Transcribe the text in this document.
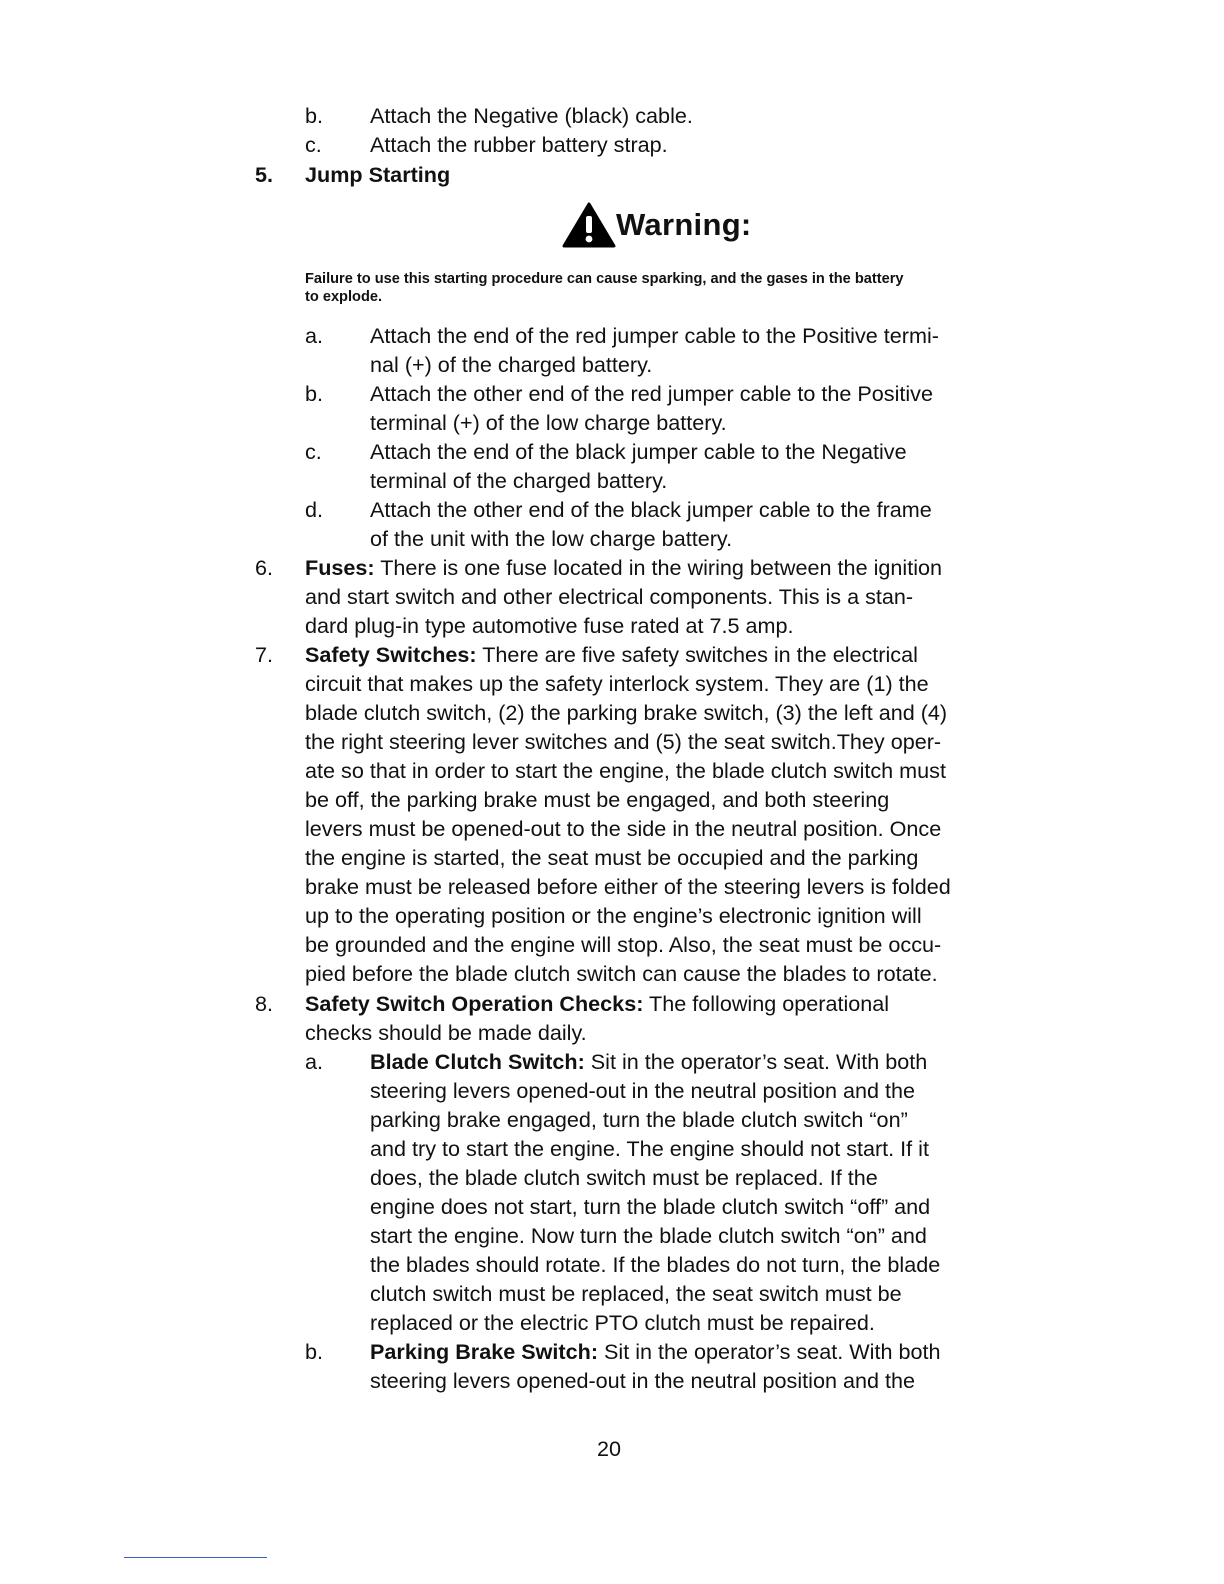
b. Attach the Negative (black) cable.
c. Attach the rubber battery strap.
5. Jump Starting
Warning:
Failure to use this starting procedure can cause sparking, and the gases in the battery
to explode.
a. Attach the end of the red jumper cable to the Positive termi-
nal (+) of the charged battery.
b. Attach the other end of the red jumper cable to the Positive
terminal (+) of the low charge battery.
c. Attach the end of the black jumper cable to the Negative
terminal of the charged battery.
d. Attach the other end of the black jumper cable to the frame
of the unit with the low charge battery.
6. Fuses: There is one fuse located in the wiring between the ignition
and start switch and other electrical components. This is a stan-
dard plug-in type automotive fuse rated at 7.5 amp.
7. Safety Switches: There are five safety switches in the electrical
circuit that makes up the safety interlock system. They are (1) the
blade clutch switch, (2) the parking brake switch, (3) the left and (4)
the right steering lever switches and (5) the seat switch.They oper-
ate so that in order to start the engine, the blade clutch switch must
be off, the parking brake must be engaged, and both steering
levers must be opened-out to the side in the neutral position. Once
the engine is started, the seat must be occupied and the parking
brake must be released before either of the steering levers is folded
up to the operating position or the engine’s electronic ignition will
be grounded and the engine will stop. Also, the seat must be occu-
pied before the blade clutch switch can cause the blades to rotate.
8. Safety Switch Operation Checks: The following operational
checks should be made daily.
a. Blade Clutch Switch: Sit in the operator’s seat. With both
steering levers opened-out in the neutral position and the
parking brake engaged, turn the blade clutch switch “on”
and try to start the engine. The engine should not start. If it
does, the blade clutch switch must be replaced. If the
engine does not start, turn the blade clutch switch “off” and
start the engine. Now turn the blade clutch switch “on” and
the blades should rotate. If the blades do not turn, the blade
clutch switch must be replaced, the seat switch must be
replaced or the electric PTO clutch must be repaired.
b. Parking Brake Switch: Sit in the operator’s seat. With both
steering levers opened-out in the neutral position and the
20
